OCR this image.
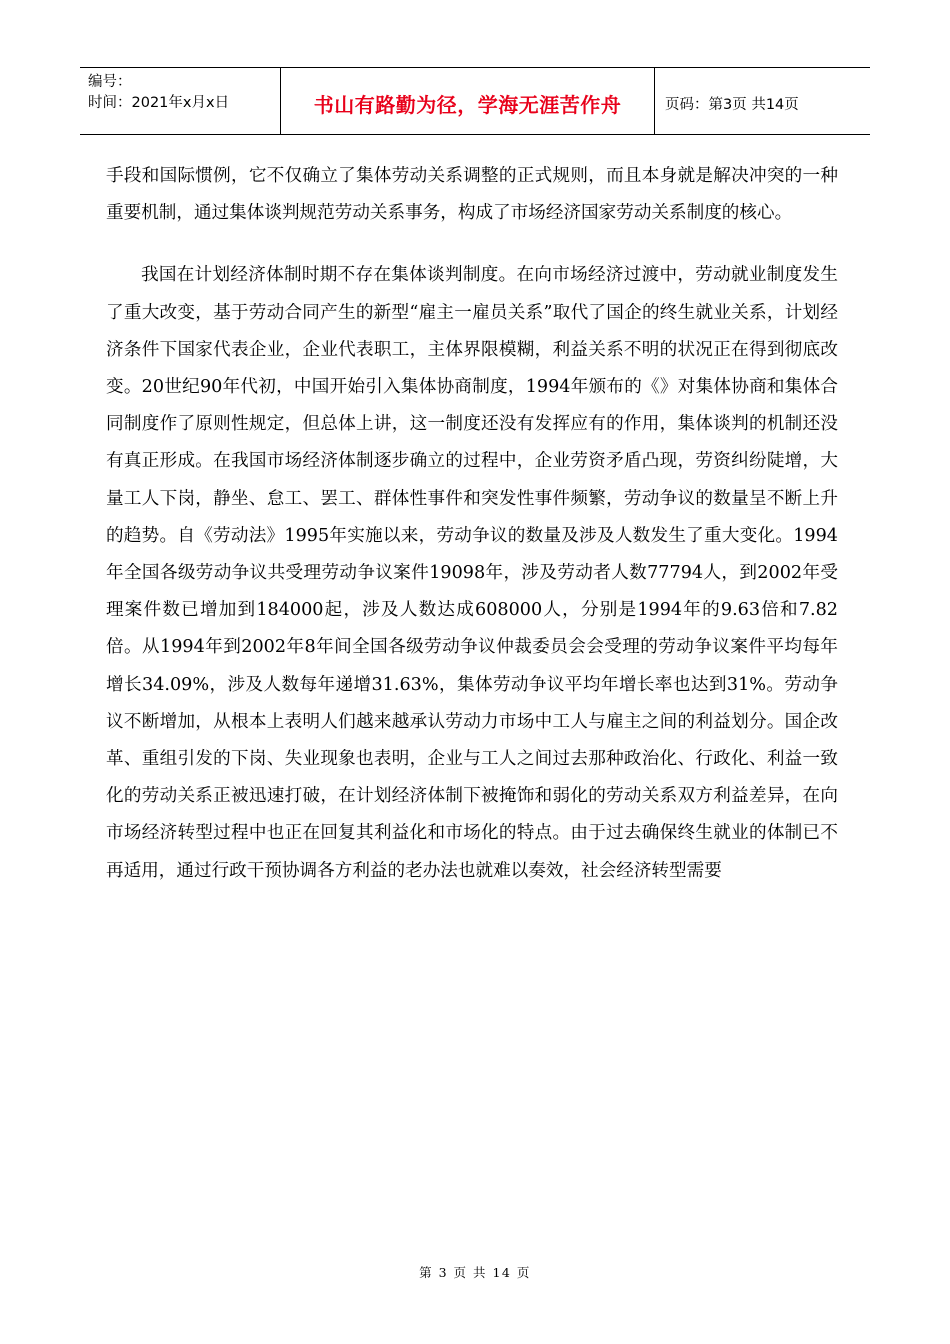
编号：
时间：2021年x月x日	书山有路勤为径，学海无涯苦作舟	页码：第3页 共14页

手段和国际惯例，它不仅确立了集体劳动关系调整的正式规则，而且本身就是解决冲突的一种重要机制，通过集体谈判规范劳动关系事务，构成了市场经济国家劳动关系制度的核心。

我国在计划经济体制时期不存在集体谈判制度。在向市场经济过渡中，劳动就业制度发生了重大改变，基于劳动合同产生的新型“雇主一雇员关系”取代了国企的终生就业关系，计划经济条件下国家代表企业，企业代表职工，主体界限模糊，利益关系不明的状况正在得到彻底改变。20世纪90年代初，中国开始引入集体协商制度，1994年颁布的《》对集体协商和集体合同制度作了原则性规定，但总体上讲，这一制度还没有发挥应有的作用，集体谈判的机制还没有真正形成。在我国市场经济体制逐步确立的过程中，企业劳资矛盾凸现，劳资纠纷陡增，大量工人下岗，静坐、怠工、罢工、群体性事件和突发性事件频繁，劳动争议的数量呈不断上升的趋势。自《劳动法》1995年实施以来，劳动争议的数量及涉及人数发生了重大变化。1994年全国各级劳动争议共受理劳动争议案件19098年，涉及劳动者人数77794人，到2002年受理案件数已增加到184000起，涉及人数达成608000人，分别是1994年的9.63倍和7.82倍。从1994年到2002年8年间全国各级劳动争议仲裁委员会会受理的劳动争议案件平均每年增长34.09%，涉及人数每年递增31.63%，集体劳动争议平均年增长率也达到31%。劳动争议不断增加，从根本上表明人们越来越承认劳动力市场中工人与雇主之间的利益划分。国企改革、重组引发的下岗、失业现象也表明，企业与工人之间过去那种政治化、行政化、利益一致化的劳动关系正被迅速打破，在计划经济体制下被掩饰和弱化的劳动关系双方利益差异，在向市场经济转型过程中也正在回复其利益化和市场化的特点。由于过去确保终生就业的体制已不再适用，通过行政干预协调各方利益的老办法也就难以奏效，社会经济转型需要

第 3 页 共 14 页
